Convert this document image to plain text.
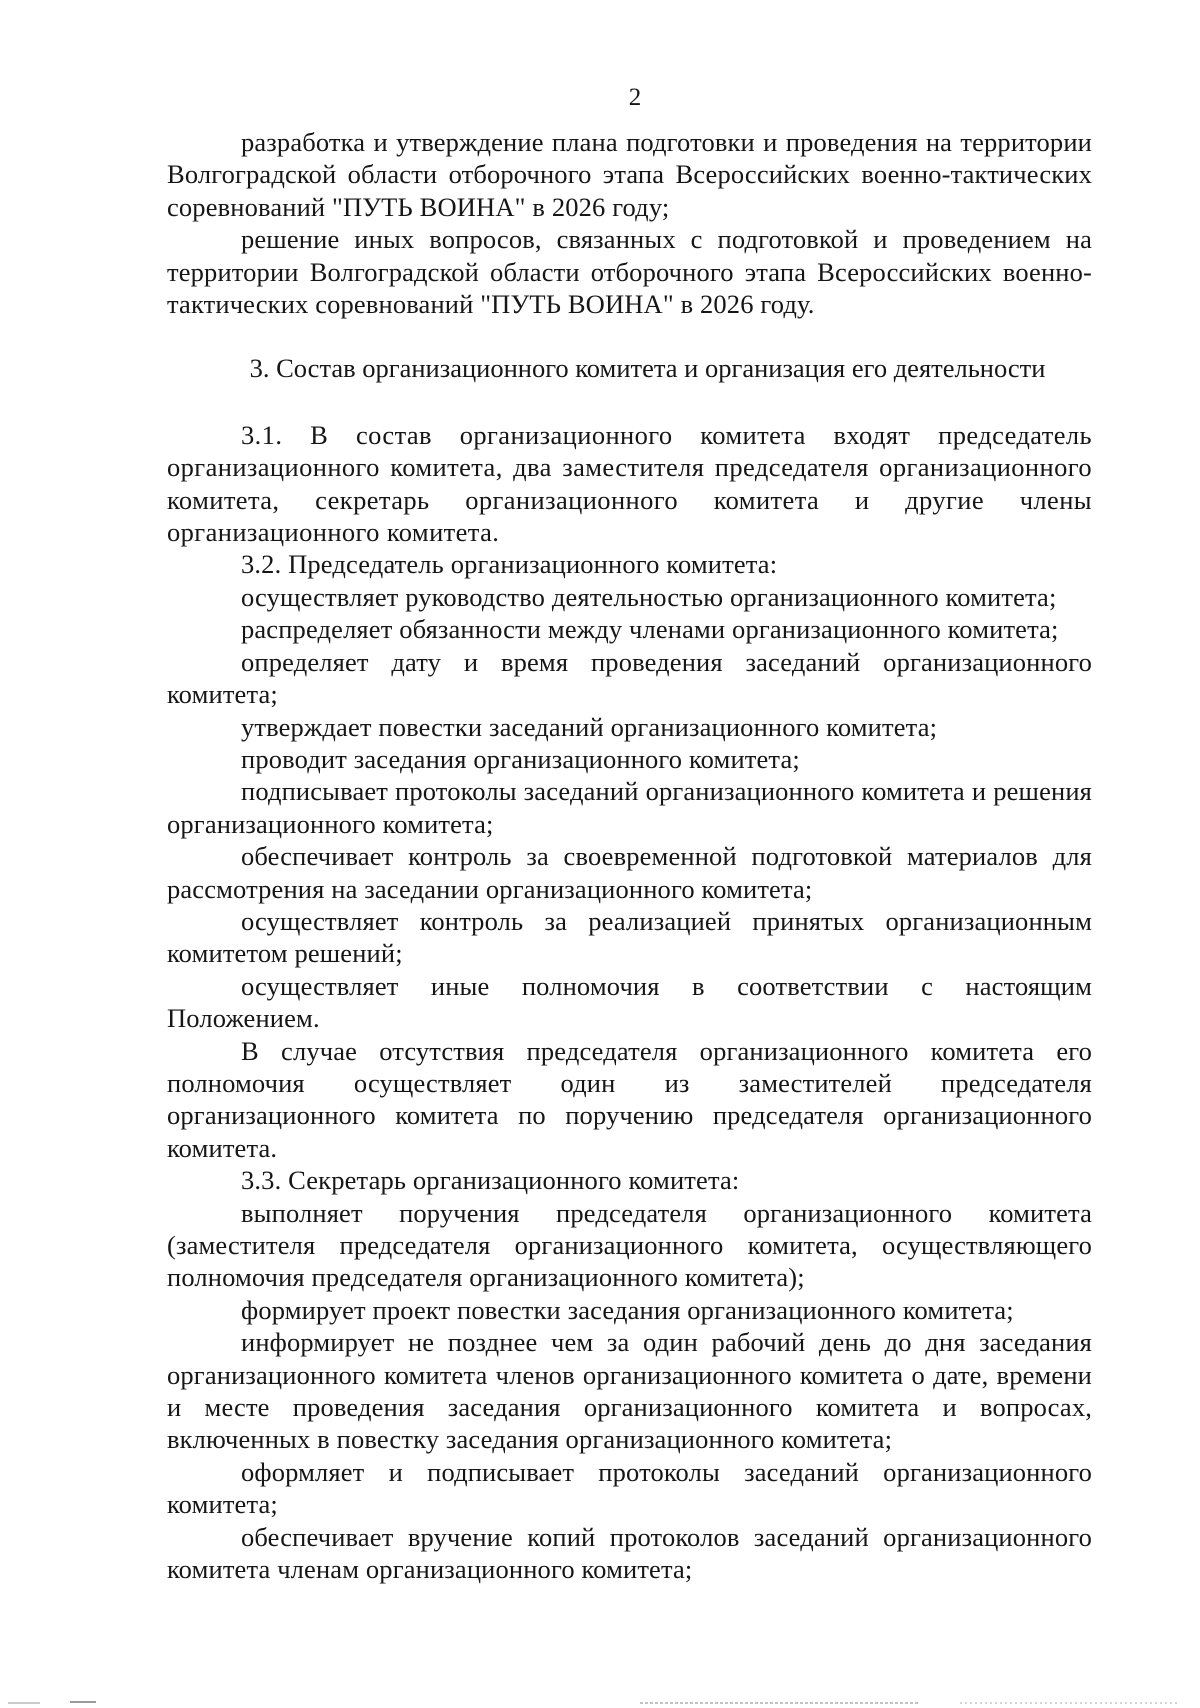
2

разработка и утверждение плана подготовки и проведения на территории Волгоградской области отборочного этапа Всероссийских военно-тактических соревнований "ПУТЬ ВОИНА" в 2026 году;

решение иных вопросов, связанных с подготовкой и проведением на территории Волгоградской области отборочного этапа Всероссийских военно-тактических соревнований "ПУТЬ ВОИНА" в 2026 году.

3. Состав организационного комитета и организация его деятельности

3.1. В состав организационного комитета входят председатель организационного комитета, два заместителя председателя организационного комитета, секретарь организационного комитета и другие члены организационного комитета.

3.2. Председатель организационного комитета:

осуществляет руководство деятельностью организационного комитета;

распределяет обязанности между членами организационного комитета;

определяет дату и время проведения заседаний организационного комитета;

утверждает повестки заседаний организационного комитета;

проводит заседания организационного комитета;

подписывает протоколы заседаний организационного комитета и решения организационного комитета;

обеспечивает контроль за своевременной подготовкой материалов для рассмотрения на заседании организационного комитета;

осуществляет контроль за реализацией принятых организационным комитетом решений;

осуществляет иные полномочия в соответствии с настоящим Положением.

В случае отсутствия председателя организационного комитета его полномочия осуществляет один из заместителей председателя организационного комитета по поручению председателя организационного комитета.

3.3. Секретарь организационного комитета:

выполняет поручения председателя организационного комитета (заместителя председателя организационного комитета, осуществляющего полномочия председателя организационного комитета);

формирует проект повестки заседания организационного комитета;

информирует не позднее чем за один рабочий день до дня заседания организационного комитета членов организационного комитета о дате, времени и месте проведения заседания организационного комитета и вопросах, включенных в повестку заседания организационного комитета;

оформляет и подписывает протоколы заседаний организационного комитета;

обеспечивает вручение копий протоколов заседаний организационного комитета членам организационного комитета;
